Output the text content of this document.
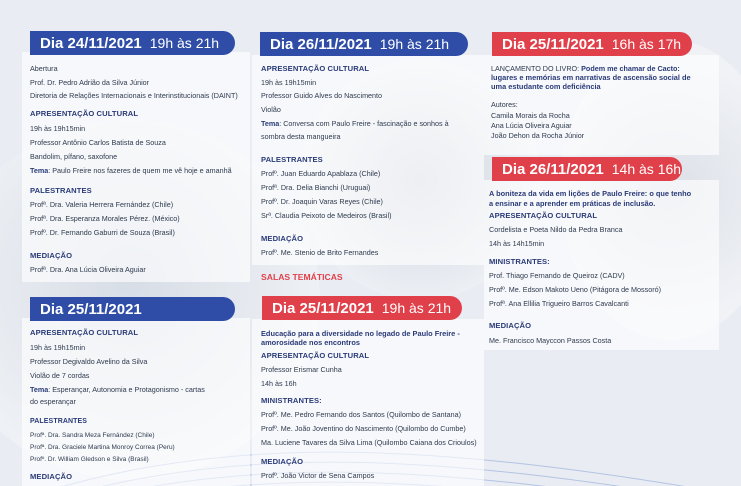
Dia 24/11/2021 19h às 21h
Abertura
Prof. Dr. Pedro Adrião da Silva Júnior
Diretoria de Relações Internacionais e Interinstitucionais (DAINT)
APRESENTAÇÃO CULTURAL
19h às 19h15min
Professor Antônio Carlos Batista de Souza
Bandolim, pífano, saxofone
Tema: Paulo Freire nos fazeres de quem me vê hoje e amanhã
PALESTRANTES
Profª. Dra. Valeria Herrera Fernández (Chile)
Profª. Dra. Esperanza Morales Pérez. (México)
Profº. Dr. Fernando Gaburri de Souza (Brasil)
MEDIAÇÃO
Profª. Dra. Ana Lúcia Oliveira Aguiar
Dia 25/11/2021
APRESENTAÇÃO CULTURAL
19h às 19h15min
Professor Degivaldo Avelino da Silva
Violão de 7 cordas
Tema: Esperançar, Autonomia e Protagonismo - cartas
do esperançar
PALESTRANTES
Profª. Dra. Sandra Meza Fernández (Chile)
Profª. Dra. Graciele Martina Monroy Correa (Peru)
Profº. Dr. William Gledson e Silva (Brasil)
MEDIAÇÃO
Dia 26/11/2021 19h às 21h
APRESENTAÇÃO CULTURAL
19h às 19h15min
Professor Guido Alves do Nascimento
Violão
Tema: Conversa com Paulo Freire - fascinação e sonhos à
sombra desta mangueira
PALESTRANTES
Profº. Juan Eduardo Apablaza (Chile)
Profª. Dra. Delia Bianchi (Uruguai)
Profº. Dr. Joaquin Varas Reyes (Chile)
Srª. Claudia Peixoto de Medeiros (Brasil)
MEDIAÇÃO
Profº. Me. Stenio de Brito Fernandes
SALAS TEMÁTICAS
Dia 25/11/2021 19h às 21h
Educação para a diversidade no legado de Paulo Freire -
amorosidade nos encontros
APRESENTAÇÃO CULTURAL
Professor Erismar Cunha
14h às 16h
MINISTRANTES:
Profº. Me. Pedro Fernando dos Santos (Quilombo de Santana)
Profº. Me. João Joventino do Nascimento (Quilombo do Cumbe)
Ma. Luciene Tavares da Silva Lima (Quilombo Caiana dos Crioulos)
MEDIAÇÃO
Profº. João Victor de Sena Campos
Dia 25/11/2021 16h às 17h
LANÇAMENTO DO LIVRO: Podem me chamar de Cacto:
lugares e memórias em narrativas de ascensão social de
uma estudante com deficiência
Autores:
Camila Morais da Rocha
Ana Lúcia Oliveira Aguiar
João Dehon da Rocha Júnior
Dia 26/11/2021 14h às 16h
A boniteza da vida em lições de Paulo Freire: o que tenho
a ensinar e a aprender em práticas de inclusão.
APRESENTAÇÃO CULTURAL
Cordelista e Poeta Nildo da Pedra Branca
14h às 14h15min
MINISTRANTES:
Prof. Thiago Fernando de Queiroz (CADV)
Profº. Me. Edson Makoto Ueno (Pitágora de Mossoró)
Profª. Ana Ellilia Trigueiro Barros Cavalcanti
MEDIAÇÃO
Me. Francisco Mayccon Passos Costa
